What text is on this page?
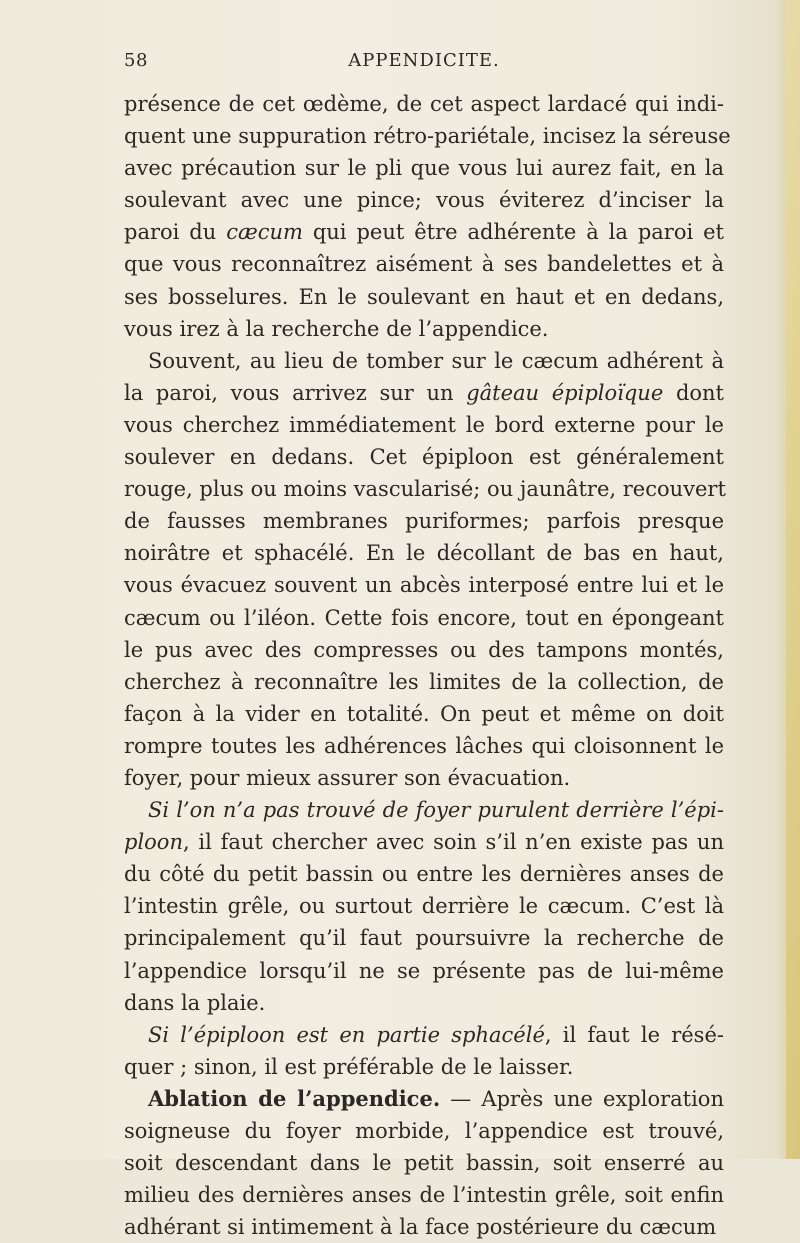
58	APPENDICITE.
présence de cet œdème, de cet aspect lardacé qui indi-
quent une suppuration rétro-pariétale, incisez la séreuse
avec précaution sur le pli que vous lui aurez fait, en la
soulevant avec une pince; vous éviterez d’inciser la
paroi du cæcum qui peut être adhérente à la paroi et
que vous reconnaîtrez aisément à ses bandelettes et à
ses bosselures. En le soulevant en haut et en dedans,
vous irez à la recherche de l’appendice.
Souvent, au lieu de tomber sur le cæcum adhérent à
la paroi, vous arrivez sur un gâteau épiploïque dont
vous cherchez immédiatement le bord externe pour le
soulever en dedans. Cet épiploon est généralement
rouge, plus ou moins vascularisé; ou jaunâtre, recouvert
de fausses membranes puriformes; parfois presque
noirâtre et sphacélé. En le décollant de bas en haut,
vous évacuez souvent un abcès interposé entre lui et le
cæcum ou l’iléon. Cette fois encore, tout en épongeant
le pus avec des compresses ou des tampons montés,
cherchez à reconnaître les limites de la collection, de
façon à la vider en totalité. On peut et même on doit
rompre toutes les adhérences lâches qui cloisonnent le
foyer, pour mieux assurer son évacuation.
Si l’on n’a pas trouvé de foyer purulent derrière l’épi-
ploon, il faut chercher avec soin s’il n’en existe pas un
du côté du petit bassin ou entre les dernières anses de
l’intestin grêle, ou surtout derrière le cæcum. C’est là
principalement qu’il faut poursuivre la recherche de
l’appendice lorsqu’il ne se présente pas de lui-même
dans la plaie.
Si l’épiploon est en partie sphacélé, il faut le résé-
quer ; sinon, il est préférable de le laisser.
Ablation de l’appendice. — Après une exploration
soigneuse du foyer morbide, l’appendice est trouvé,
soit descendant dans le petit bassin, soit enserré au
milieu des dernières anses de l’intestin grêle, soit enfin
adhérant si intimement à la face postérieure du cæcum
